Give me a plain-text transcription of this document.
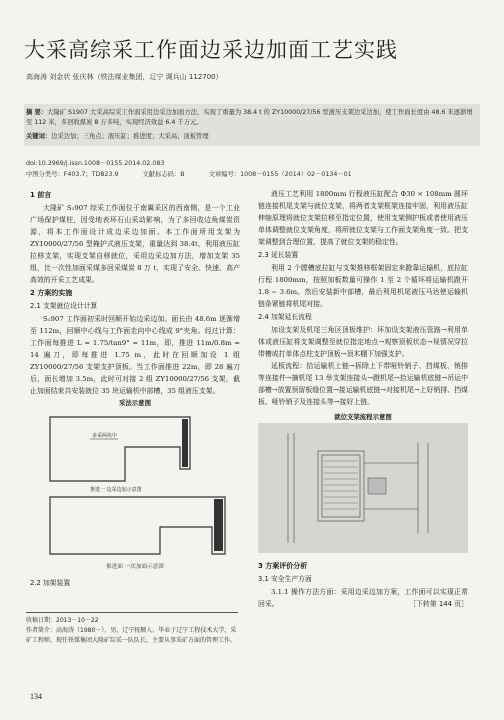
大采高综采工作面边采边加面工艺实践
高海涛 刘金状 张庆林（铁法煤业集团，辽宁 调兵山 112700）
摘 要：大隆矿 S1907 大采高综采工作面采用边采边加面方法，实现了重量为 38.4 t 的 ZY10000/27/56 型液压支架边采边加，使工作面长度由 48.6 米逐渐增至 112 米，多回收煤炭 8 万多吨，实现经济效益 6.4 千万元。
关键词：边采边加；三角点；液压缸；推进度；大采高；顶板管理
doi:10.3969/j.issn.1008－0155.2014.02.083
中图分类号：F403.7；TD823.9	文献标志码：B	文章编号：1008－0155（2014）02－0134－01
1 前言

大隆矿 S₁907 综采工作面位于南翼采区的西南侧，是一个工业广场保护煤柱，因受地表环石山采动影响，为了多回收边角煤炭资源，将本工作面设计成边采边加面。本工作面所用支架为 ZY10000/27/56 型掩护式液压支架，重量达到 38.4t，利用液压缸拉移支架，实现支架自移就位，采用边采边加方法，增加支架 35 组，比一次性加面采煤多回采煤炭 8 万 t，实现了安全、快速、高产高效的开采工艺成果。

2 方案的实施
2.1 支架就位设计计算

S₁907 工作面初采时回顺开始边采边加。面长由 48.6m 逐渐增至 112m，回顺中心线与工作面走向中心线成 9°夹角。经过计算：工作面每推进 L = 1.75/tan9° = 11m，即，推进 11m/0.8m = 14 遍刀，即每推进 1.75 m，此时在回顺加设 1 组 ZY10000/27/56 支架支护顶板。当工作面推进 22m，即 28 遍刀后，面长增加 3.5m，此时可对接 2 组 ZY10000/27/56 支架，截止加面结束共安装就位 35 块运输机中部槽，35 组液压支架。

采法示意图
多采两块中
推进一 边采边加示意图
推进面 一次加面示意图
2.2 加架装置

液压工艺利用 1800mm 行程液压缸配合 Φ30 × 108mm 圆环链连接机尾支架与就位支架，将两者支架框架连接牢固，利用液压缸伸缩原理将就位支架拉移至指定位置，使用支架侧护板或者使用液压单体调整就位支架角度，将所就位支架与工作面支架角度一致。把支架调整到合理位置，提高了就位支架的稳定性。

2.3 延长装置

利用 2 个膛槽底拉缸与支架推移框架固定来蹬靠运输机，底拉缸行程 1800mm，按照加板数量可操作 1 至 2 个循环将运输机蹬开 1.8 ~ 3.6m。然后安装新中部槽，最后利用机尾液压马达使运输机链条紧链将机尾对接。

2.4 加架延长流程

加设支架及机尾三角区顶板维护：环加设支架液压管路→利用单体或液压缸将支架调整至就位指定地点→观察顶板状态→视情况穿拉带槽或打单体点柱支护顶板→顶木棚下加强支护。

延板流程：拾运输机上链→拆除上下带哑铃销子、挡煤板、销排等连接件→摘机尾 13 举支架连接头→蹬机尾→拾运输机底链→吊运中部槽→放置预留板缝位置→接运输机底链→对接机尾→上好销排、挡煤板、哑铃销子及连接头等→接好上链。

就位支架流程示意图
3 方案评价分析
3.1 安全生产方面

3.1.1 操作方法方面：采用边采边加方案，工作面可以实现正常回采。	［下转第 144 页］

收稿日期：2013－10－22
作者简介：高海涛（1980－），男，辽宁抚顺人，毕业于辽宁工程技术大学，采矿工程师，现任铁煤集团大隆矿综采一队队长，主要从事采矿方面的管理工作。
134
